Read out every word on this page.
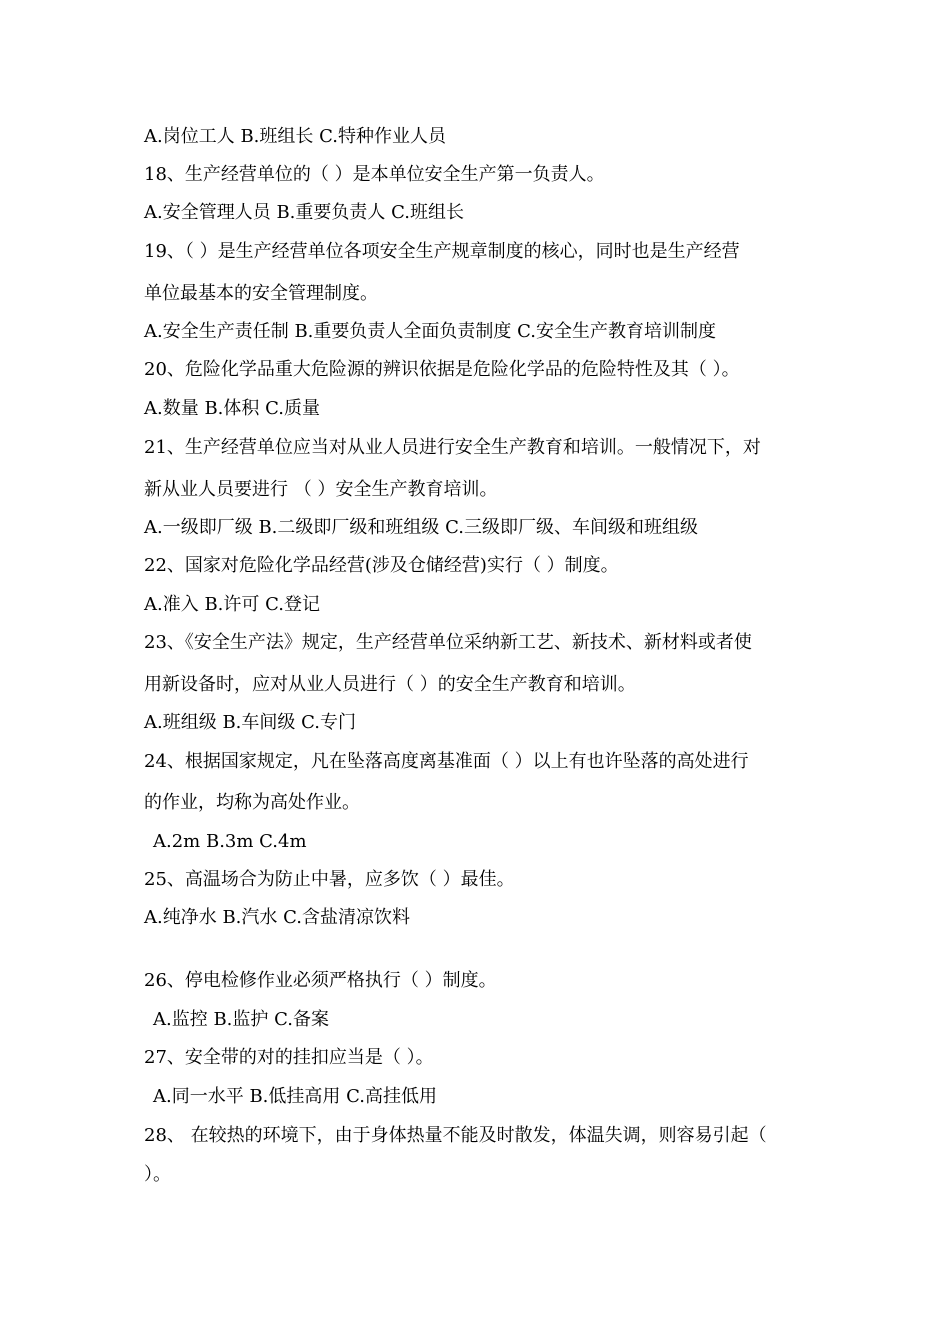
A.岗位工人 B.班组长 C.特种作业人员
18、生产经营单位的（ ）是本单位安全生产第一负责人。
A.安全管理人员 B.重要负责人 C.班组长
19、（ ）是生产经营单位各项安全生产规章制度的核心，同时也是生产经营
单位最基本的安全管理制度。
A.安全生产责任制 B.重要负责人全面负责制度 C.安全生产教育培训制度
20、危险化学品重大危险源的辨识依据是危险化学品的危险特性及其（ ）。
A.数量 B.体积 C.质量
21、生产经营单位应当对从业人员进行安全生产教育和培训。一般情况下，对
新从业人员要进行 （ ）安全生产教育培训。
A.一级即厂级 B.二级即厂级和班组级 C.三级即厂级、车间级和班组级
22、国家对危险化学品经营(涉及仓储经营)实行（ ）制度。
A.准入 B.许可 C.登记
23、《安全生产法》规定，生产经营单位采纳新工艺、新技术、新材料或者使
用新设备时，应对从业人员进行（ ）的安全生产教育和培训。
A.班组级 B.车间级 C.专门
24、根据国家规定，凡在坠落高度离基准面（ ）以上有也许坠落的高处进行
的作业，均称为高处作业。
A.2m B.3m C.4m
25、高温场合为防止中暑，应多饮（ ）最佳。
A.纯净水 B.汽水 C.含盐清凉饮料
26、停电检修作业必须严格执行（ ）制度。
A.监控 B.监护 C.备案
27、安全带的对的挂扣应当是（ ）。
A.同一水平 B.低挂高用 C.高挂低用
28、 在较热的环境下，由于身体热量不能及时散发，体温失调，则容易引起（
）。
